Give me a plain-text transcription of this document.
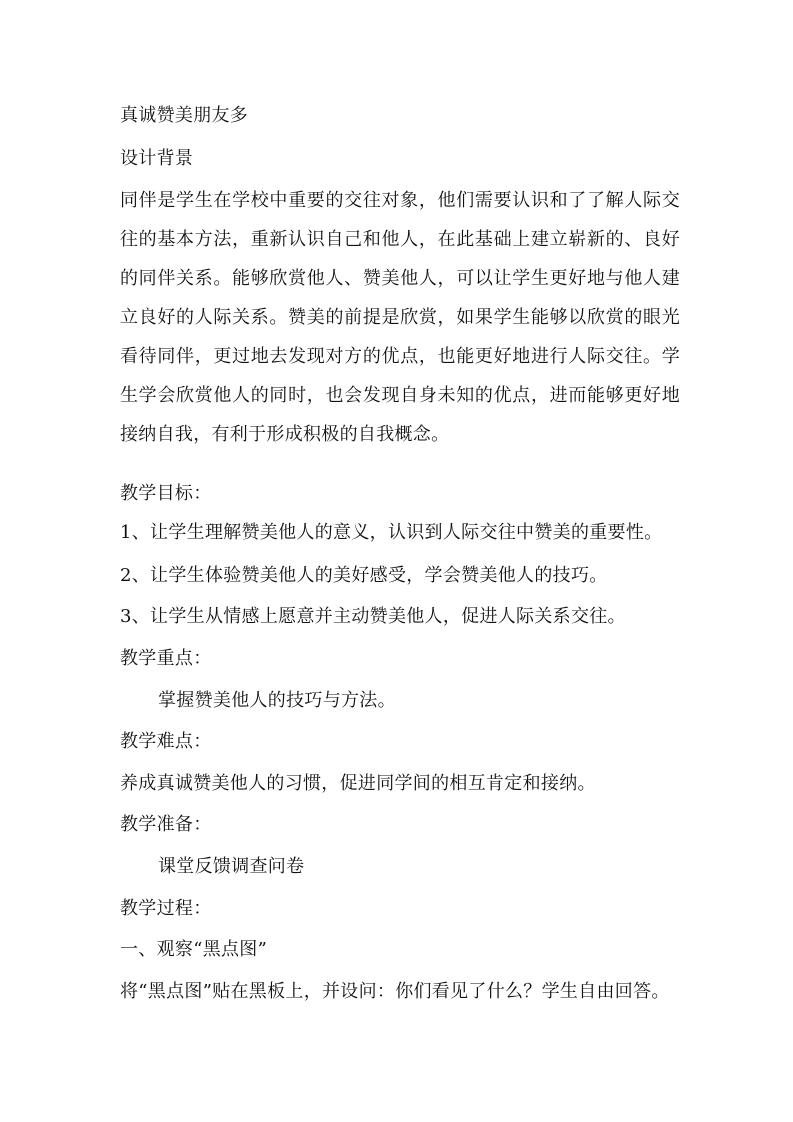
真诚赞美朋友多
设计背景
同伴是学生在学校中重要的交往对象，他们需要认识和了了解人际交往的基本方法，重新认识自己和他人，在此基础上建立崭新的、良好的同伴关系。能够欣赏他人、赞美他人，可以让学生更好地与他人建立良好的人际关系。赞美的前提是欣赏，如果学生能够以欣赏的眼光看待同伴，更过地去发现对方的优点，也能更好地进行人际交往。学生学会欣赏他人的同时，也会发现自身未知的优点，进而能够更好地接纳自我，有利于形成积极的自我概念。
教学目标：
1、让学生理解赞美他人的意义，认识到人际交往中赞美的重要性。
2、让学生体验赞美他人的美好感受，学会赞美他人的技巧。
3、让学生从情感上愿意并主动赞美他人，促进人际关系交往。
教学重点：
掌握赞美他人的技巧与方法。
教学难点：
养成真诚赞美他人的习惯，促进同学间的相互肯定和接纳。
教学准备：
课堂反馈调查问卷
教学过程：
一、观察“黑点图”
将“黑点图”贴在黑板上，并设问：你们看见了什么？学生自由回答。
